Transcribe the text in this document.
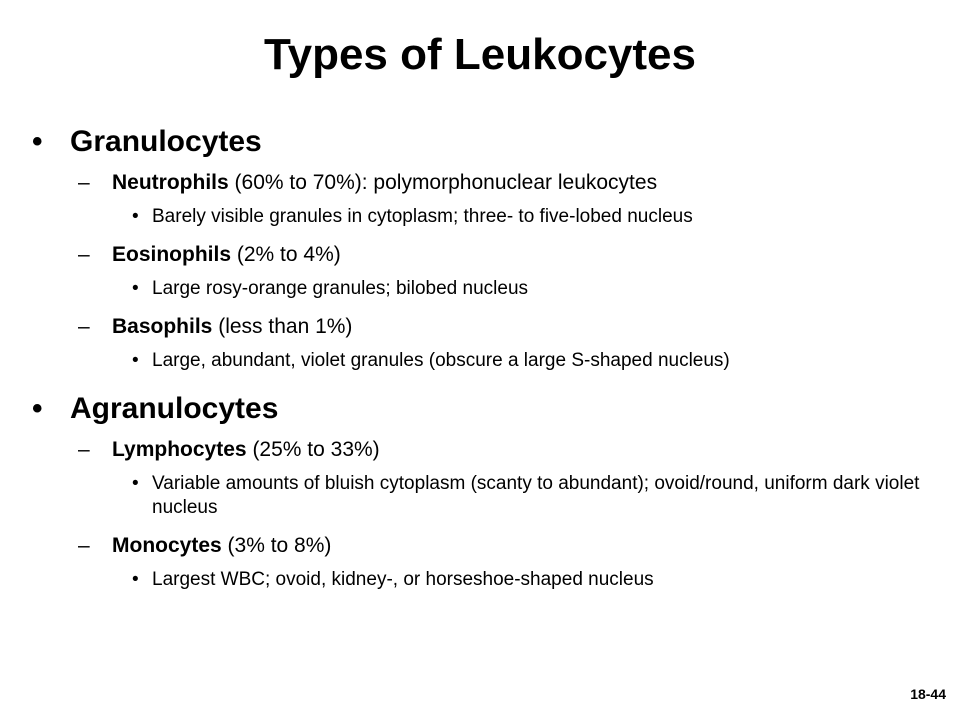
Types of Leukocytes
• Granulocytes
–	Neutrophils (60% to 70%): polymorphonuclear leukocytes
• Barely visible granules in cytoplasm; three- to five-lobed nucleus
–	Eosinophils (2% to 4%)
• Large rosy-orange granules; bilobed nucleus
–	Basophils (less than 1%)
• Large, abundant, violet granules (obscure a large S-shaped nucleus)
• Agranulocytes
–	Lymphocytes (25% to 33%)
• Variable amounts of bluish cytoplasm (scanty to abundant); ovoid/round, uniform dark violet nucleus
–	Monocytes (3% to 8%)
• Largest WBC; ovoid, kidney-, or horseshoe-shaped nucleus
18-44
